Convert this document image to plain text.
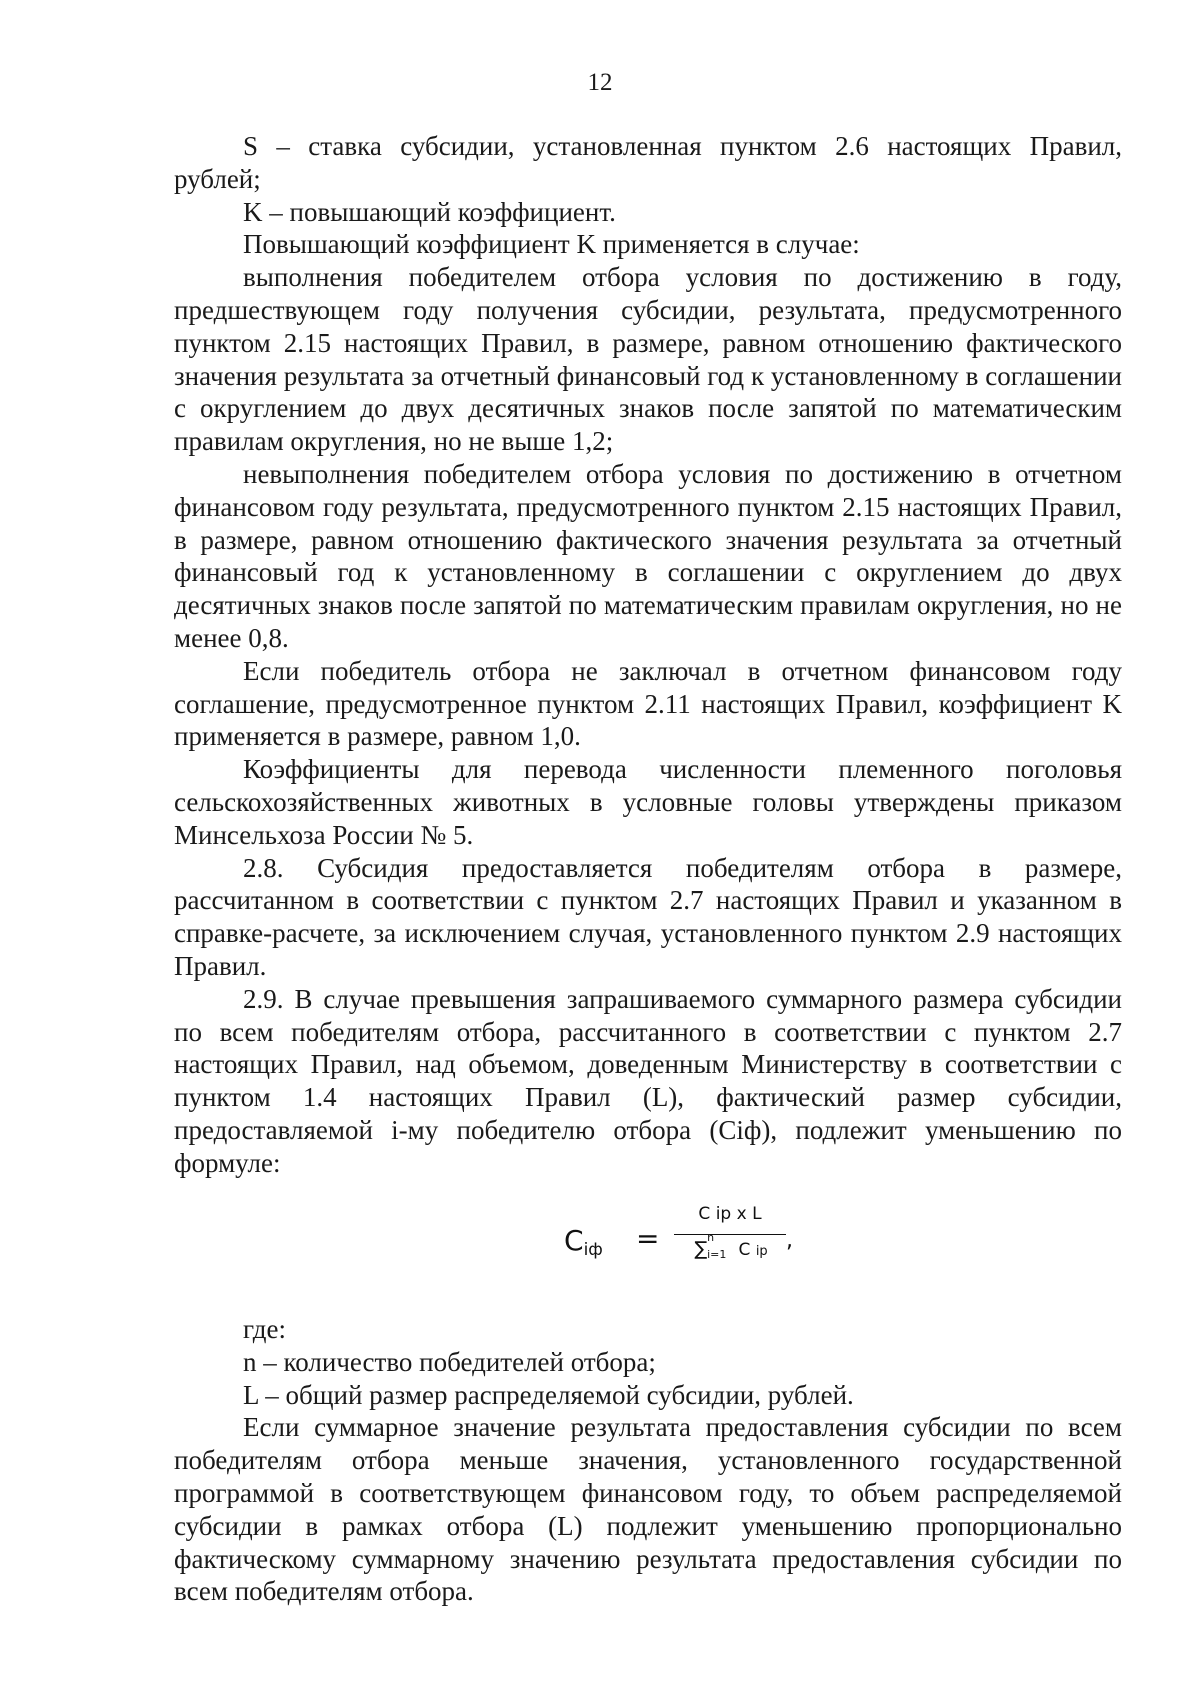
12

S – ставка субсидии, установленная пунктом 2.6 настоящих Правил, рублей;

K – повышающий коэффициент.

Повышающий коэффициент K применяется в случае:

выполнения победителем отбора условия по достижению в году, предшествующем году получения субсидии, результата, предусмотренного пунктом 2.15 настоящих Правил, в размере, равном отношению фактического значения результата за отчетный финансовый год к установленному в соглашении с округлением до двух десятичных знаков после запятой по математическим правилам округления, но не выше 1,2;

невыполнения победителем отбора условия по достижению в отчетном финансовом году результата, предусмотренного пунктом 2.15 настоящих Правил, в размере, равном отношению фактического значения результата за отчетный финансовый год к установленному в соглашении с округлением до двух десятичных знаков после запятой по математическим правилам округления, но не менее 0,8.

Если победитель отбора не заключал в отчетном финансовом году соглашение, предусмотренное пунктом 2.11 настоящих Правил, коэффициент K применяется в размере, равном 1,0.

Коэффициенты для перевода численности племенного поголовья сельскохозяйственных животных в условные головы утверждены приказом Минсельхоза России № 5.

2.8. Субсидия предоставляется победителям отбора в размере, рассчитанном в соответствии с пунктом 2.7 настоящих Правил и указанном в справке-расчете, за исключением случая, установленного пунктом 2.9 настоящих Правил.

2.9. В случае превышения запрашиваемого суммарного размера субсидии по всем победителям отбора, рассчитанного в соответствии с пунктом 2.7 настоящих Правил, над объемом, доведенным Министерству в соответствии с пунктом 1.4 настоящих Правил (L), фактический размер субсидии, предоставляемой i-му победителю отбора (Ciф), подлежит уменьшению по формуле:

$C_{iф}$ =
C ip x L
∑
n
i=1 C ip ,

где:

n – количество победителей отбора;

L – общий размер распределяемой субсидии, рублей.

Если суммарное значение результата предоставления субсидии по всем победителям отбора меньше значения, установленного государственной программой в соответствующем финансовом году, то объем распределяемой субсидии в рамках отбора (L) подлежит уменьшению пропорционально фактическому суммарному значению результата предоставления субсидии по всем победителям отбора.
